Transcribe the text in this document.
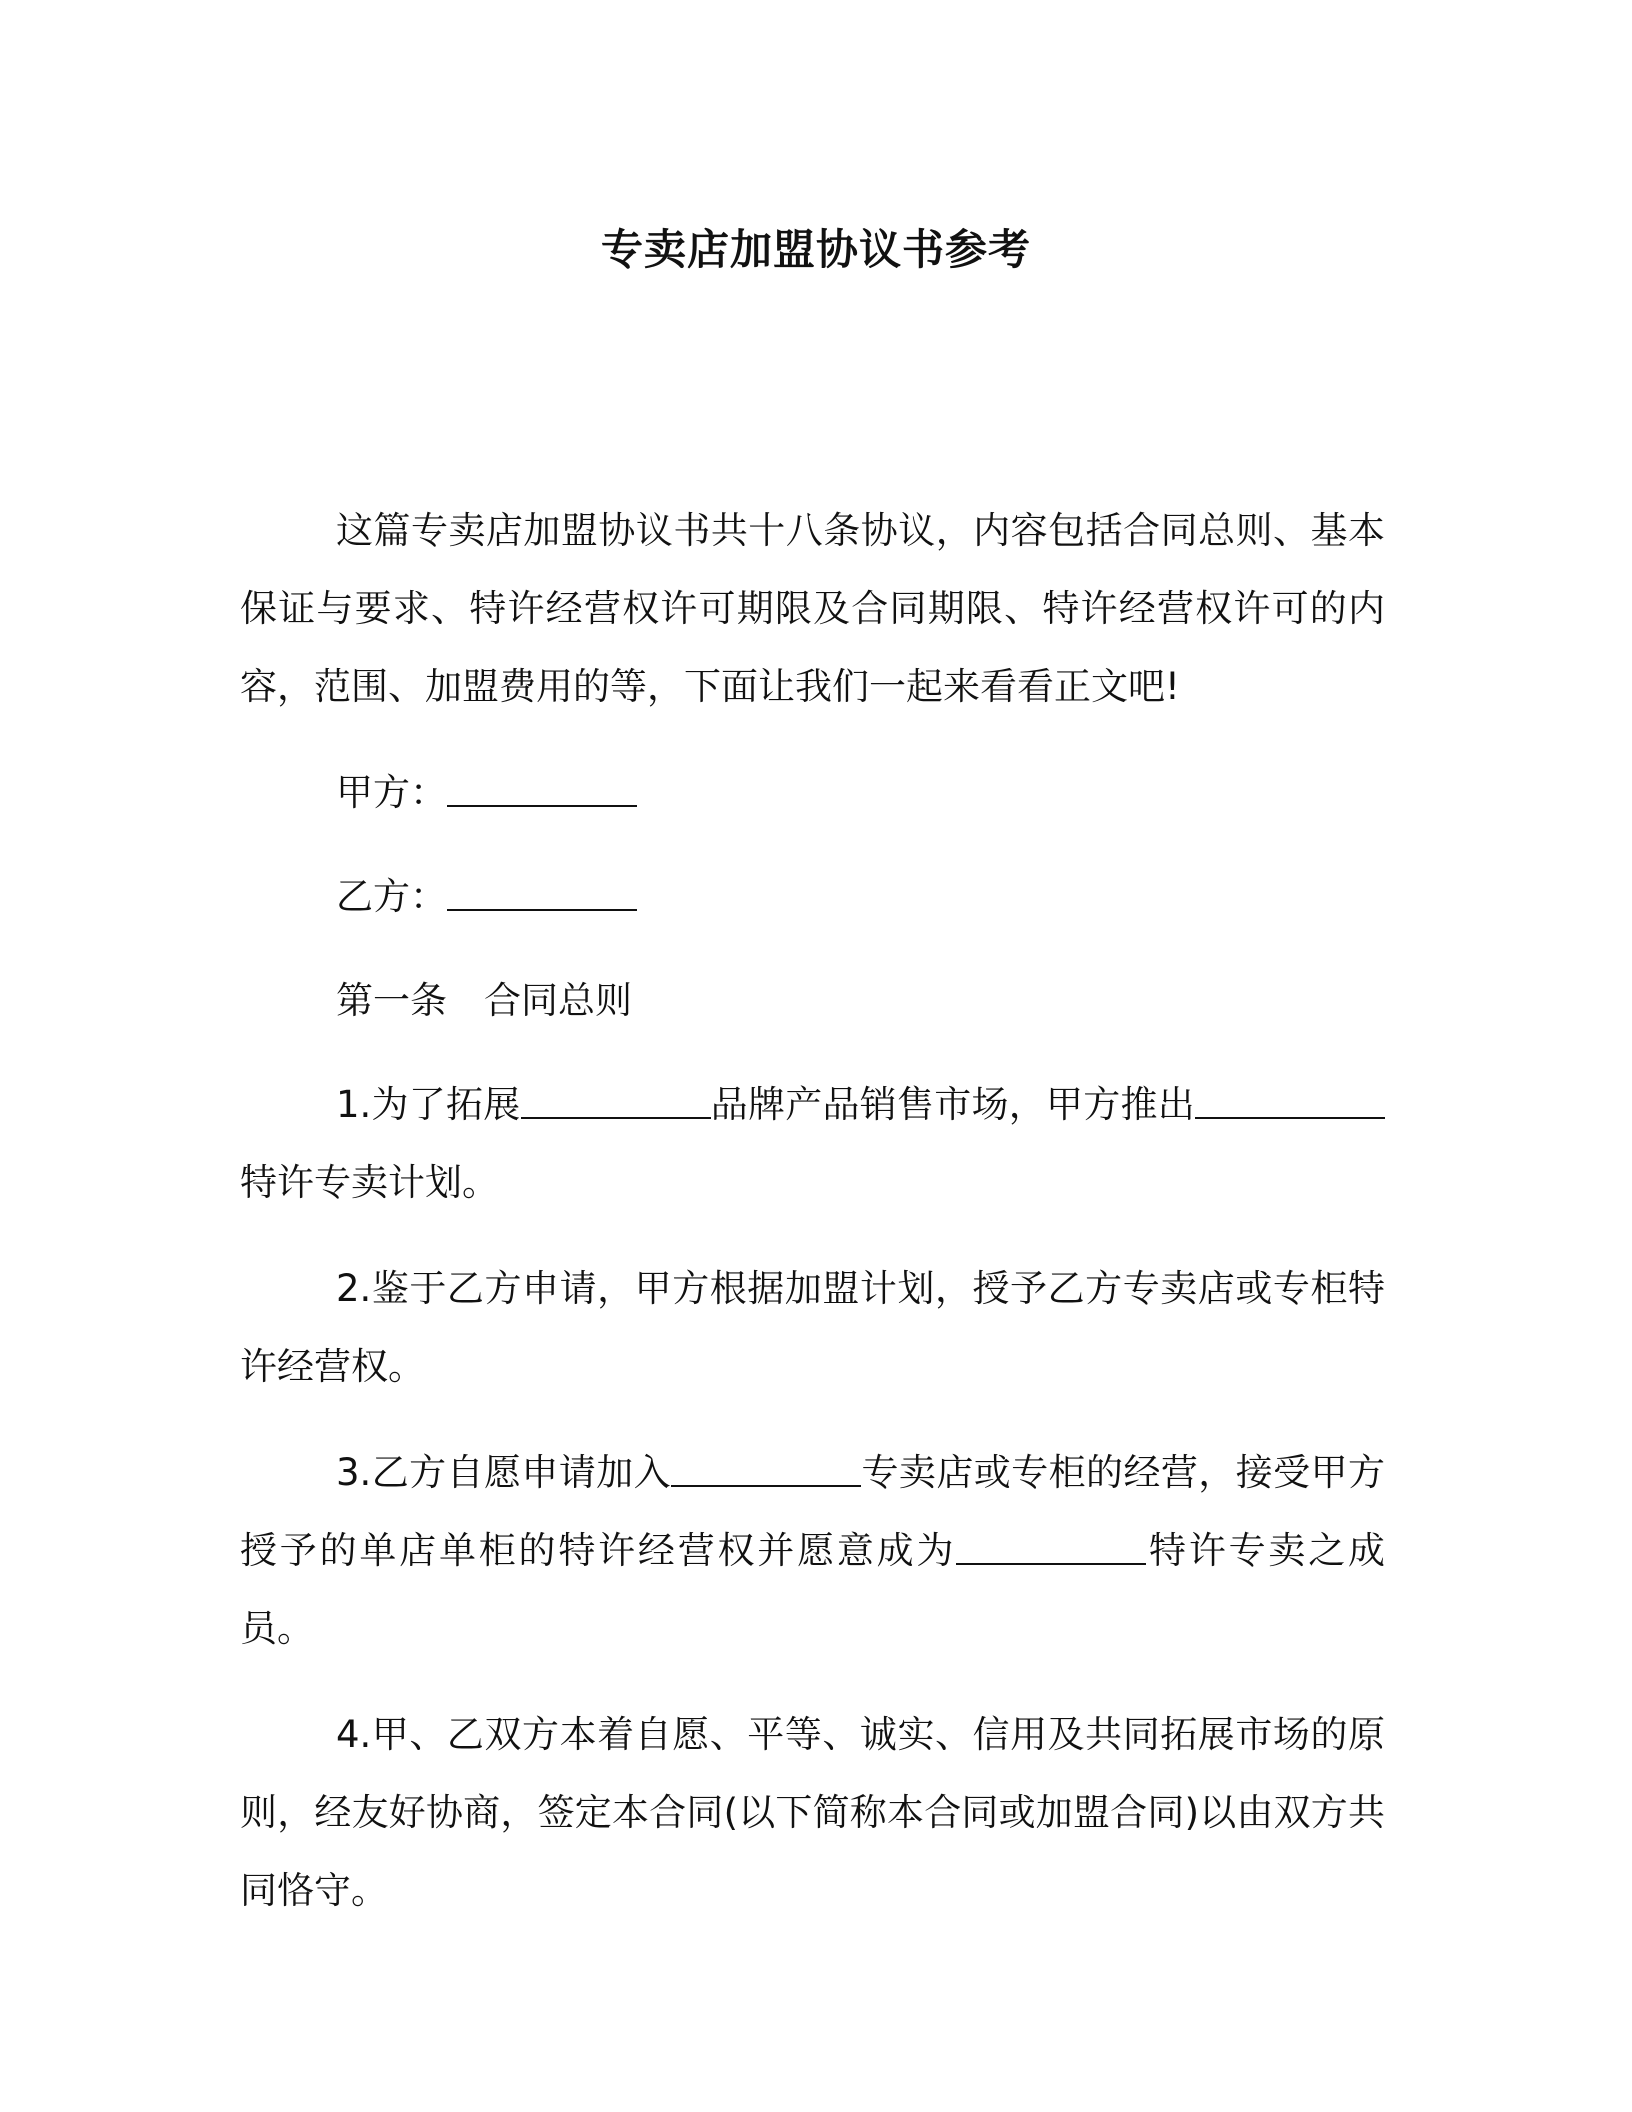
专卖店加盟协议书参考

这篇专卖店加盟协议书共十八条协议，内容包括合同总则、基本保证与要求、特许经营权许可期限及合同期限、特许经营权许可的内容，范围、加盟费用的等，下面让我们一起来看看正文吧!

甲方：

乙方：

第一条　合同总则

1.为了拓展	品牌产品销售市场，甲方推出特许专卖计划。

2.鉴于乙方申请，甲方根据加盟计划，授予乙方专卖店或专柜特许经营权。

3.乙方自愿申请加入	专卖店或专柜的经营，接受甲方授予的单店单柜的特许经营权并愿意成为	特许专卖之成员。

4.甲、乙双方本着自愿、平等、诚实、信用及共同拓展市场的原则，经友好协商，签定本合同(以下简称本合同或加盟合同)以由双方共同恪守。
